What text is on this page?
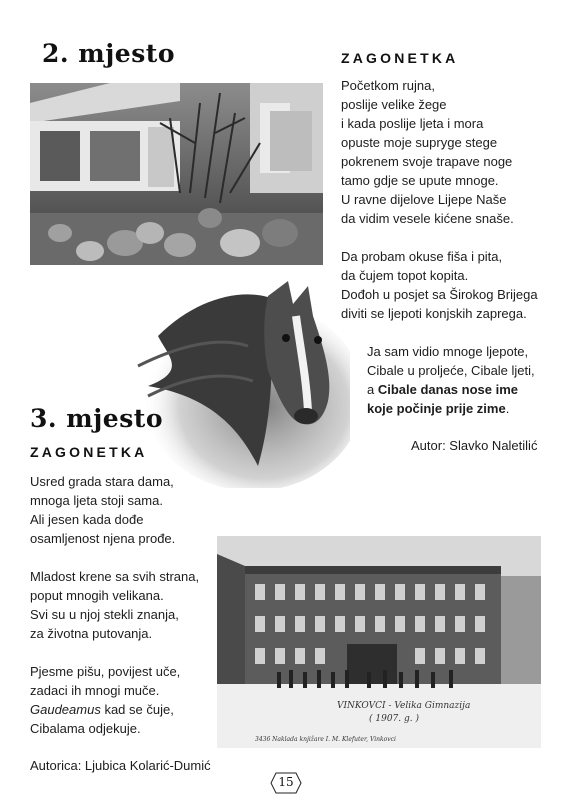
2. mjesto	ZAGONETKA
Početkom rujna,
poslije velike žege
i kada poslije ljeta i mora
opuste moje suprуge stege
pokrenem svoje trapave noge
tamo gdje se upute mnoge.
U ravne dijelove Lijepe Naše
da vidim vesele kićene snaše.
Da probam okuse fiša i pita,
da čujem topot kopita.
Dođoh u posjet sa Širokog Brijega
diviti se ljepoti konjskih zaprega.
Ja sam vidio mnoge ljepote,
Cibale u proljeće, Cibale ljeti,
a Cibale danas nose ime
koje počinje prije zime.
Autor: Slavko Naletilić
3. mjesto
ZAGONETKA
Usred grada stara dama,
mnoga ljeta stoji sama.
Ali jesen kada dođe
osamljenost njena prođe.
Mladost krene sa svih strana,
poput mnogih velikana.
Svi su u njoj stekli znanja,
za životna putovanja.
Pjesme pišu, povijest uče,
zadaci ih mnogi muče.
Gaudeamus kad se čuje,
Cibalama odjekuje.
Autorica: Ljubica Kolarić-Dumić
VINKOVCI - Velika Gimnazija
( 1907. g. )
3436 Naklada knjižare I. M. Klefuter, Vinkovci
15
